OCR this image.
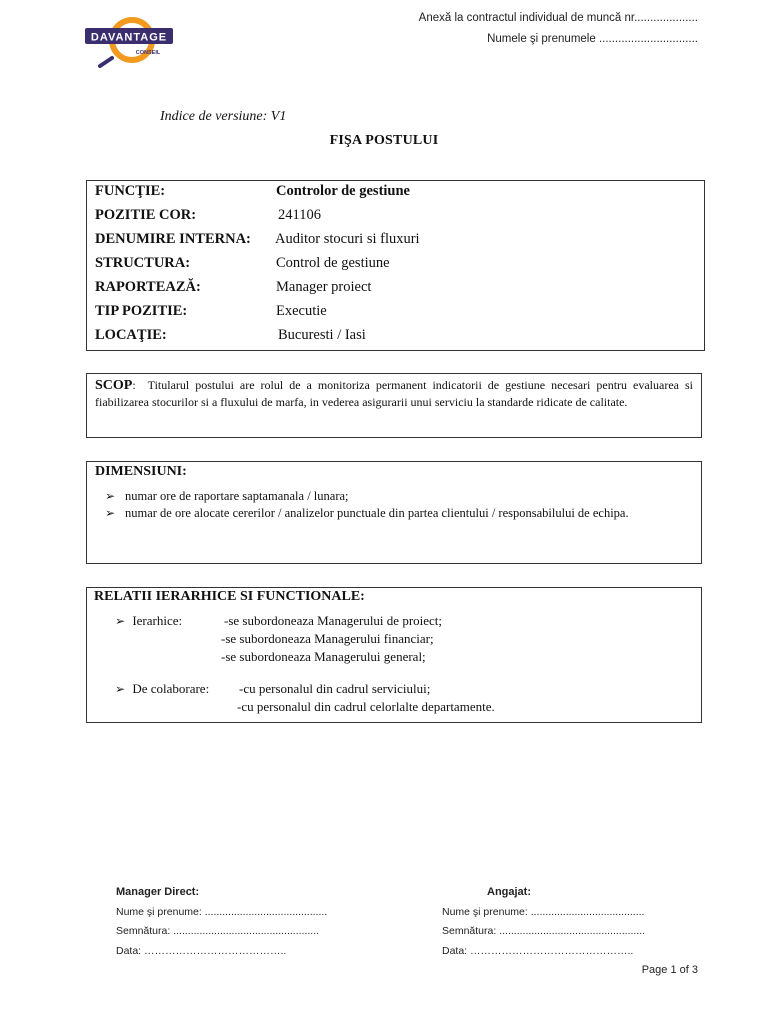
DAVANTAGE
CONSEIL
Anexă la contractul individual de muncă nr....................
Numele şi prenumele ...............................
Indice de versiune: V1
FIŞA POSTULUI
FUNCŢIE:	Controlor de gestiune
POZITIE COR:	241106
DENUMIRE INTERNA: Auditor stocuri si fluxuri
STRUCTURA:	Control de gestiune
RAPORTEAZĂ:	Manager proiect
TIP POZITIE:	Executie
LOCAŢIE:	Bucuresti / Iasi
SCOP:  Titularul postului are rolul de a monitoriza permanent indicatorii de gestiune necesari pentru evaluarea si fiabilizarea stocurilor si a fluxului de marfa, in vederea asigurarii unui serviciu la standarde ridicate de calitate.
DIMENSIUNI:
➢ numar ore de raportare saptamanala / lunara;
➢ numar de ore alocate cererilor / analizelor punctuale din partea clientului / responsabilului de echipa.
RELATII IERARHICE SI FUNCTIONALE:
➢ Ierarhice:	-se subordoneaza Managerului de proiect;
-se subordoneaza Managerului financiar;
-se subordoneaza Managerului general;
➢ De colaborare: -cu personalul din cadrul serviciului;
-cu personalul din cadrul celorlalte departamente.
Manager Direct:
Nume şi prenume: ..........................................
Semnătura: ..................................................
Data: …………………………………..
Angajat:
Nume şi prenume: .......................................
Semnătura: ..................................................
Data: ………………………………………..
Page 1 of 3
